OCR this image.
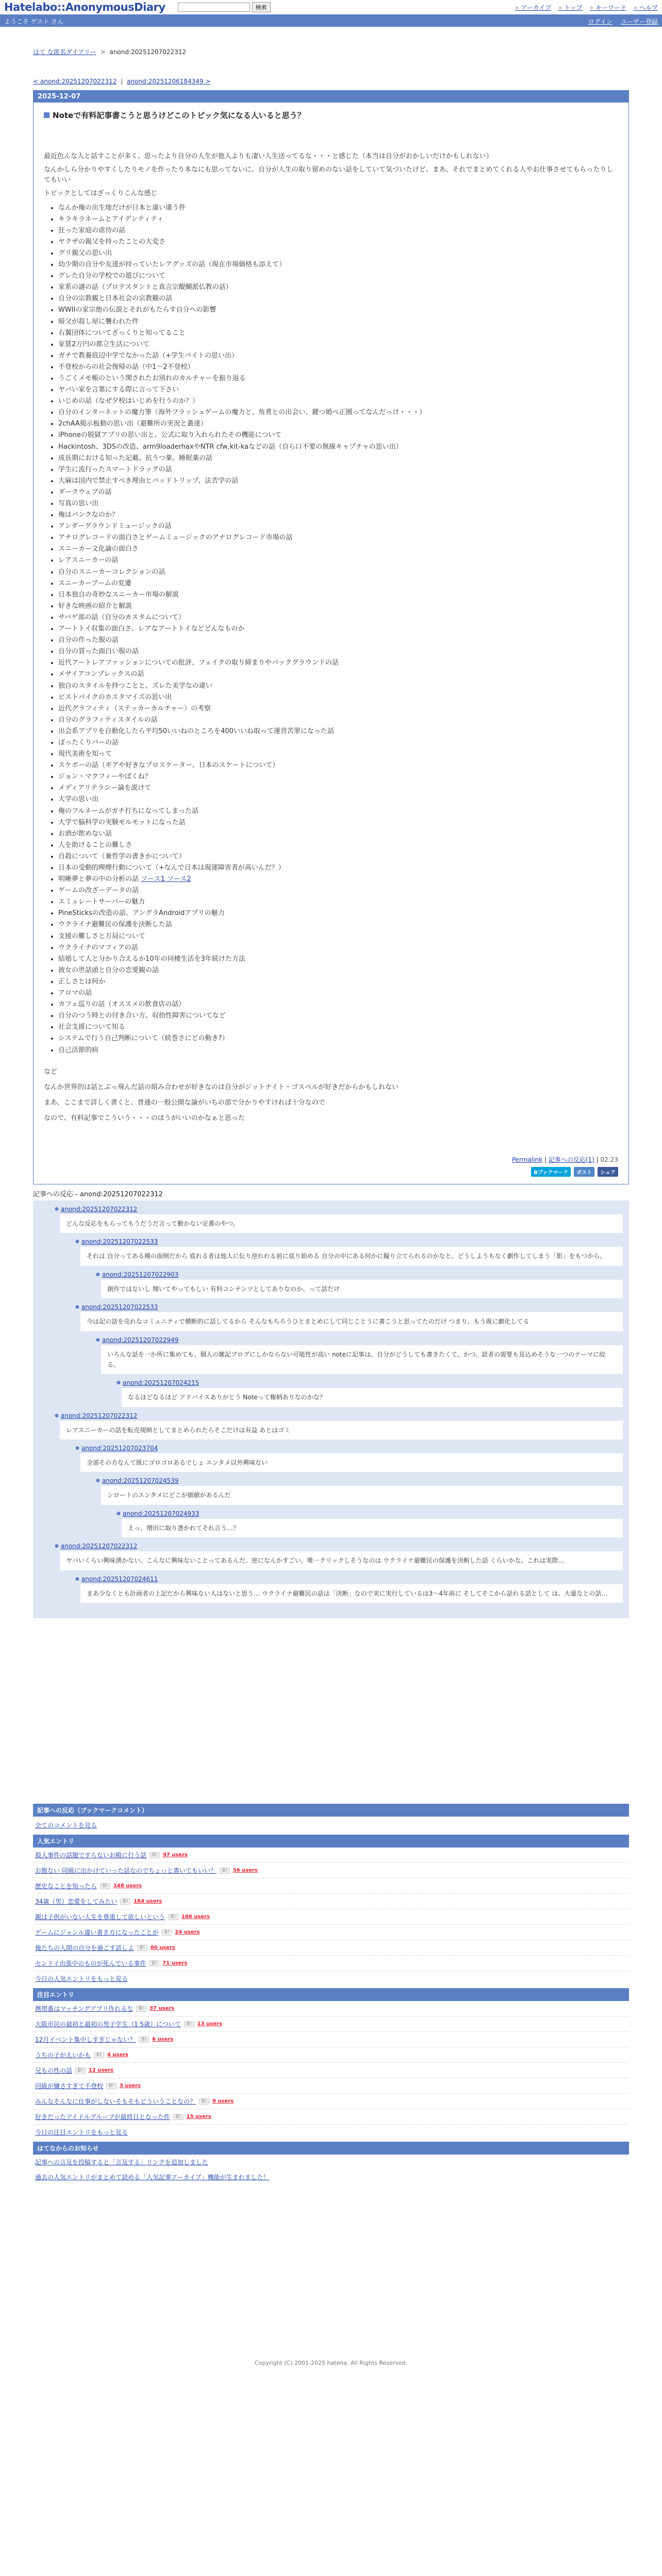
Hatelabo::AnonymousDiary	検索	» アーカイブ	» トップ	» キーワード	» ヘルプ
ようこそ ゲスト さん	ログイン ユーザー登録
はて な匿名ダイアリー > anond:20251207022312
< anond:20251207022312 | anond:20251206184349 >
2025-12-07
Noteで有料記事書こうと思うけどこのトピック気になる人いると思う？

最近色んな人と話すことが多く、思ったより自分の人生が他人よりも凄い人生送ってるな・・・と感じた（本当は自分がおかしいだけかもしれない）

なんかしら分かりやすくしたりモノを作ったり本なにも思ってないに、自分が人生の取り留めのない話をしていて気づいたけど、まあ、それでまとめてくれる人やお仕事させてもらったりしてもいい

トピックとしてはざっくりこんな感じ

• なんか俺の出生地だけが日本と違い違う件
• キラキラネームとアイデンティティ
• 狂った家庭の虐待の話
• ヤクザの親父を持ったことの大変さ
• グリ親父の思い出
• 幼少期の自分や友達が持っていたレアグッズの話（現在市場価格も添えて）
• グレた自分の学校での遊びについて
• 家系の謎の話（プロテスタントと真言宗醍醐派仏教の話）
• 自分の宗教観と日本社会の宗教観の話
• WWIIの家宗他の伝説とそれがもたらす自分への影響
• 暗父が殺し屋に襲われた件
• 右翼団体についてざっくりと知ってること
• 家賃2万円の都立生活について
• ガチで教養底辺中学でなかった話（+学生バイトの思い出）
• 不登校からの社会復帰の話（中1〜2不登校）
• うごくメモ帳のという関されたお別れのカルチャーを振り返る
• ヤバい家を言葉にする際に言って下さい
• いじめの話（なぜ夕校はいじめを行うのか？）
• 自分のインターネットの魔力筆（海外フラッシュゲームの魔力と、角煮との出会い、鍵つ婚べ正圏ってなんだっけ・・・）
• 2chAA掲示板動の思い出（避難所の実況と叢達）
• iPhoneの脱獄アプリの思い出と、公式に取り入れられたその機能について
• Hackintosh、3DSの改造、arm9loaderhaxやNTR cfw,kit-kaなどの話（自ら口不要の無線キャプチャの思い出）
• 成長期における知った記載、抗うつ薬、睡眠薬の話
• 学生に流行ったスマートドラッグの話
• 大麻は国内で禁止すべき理由とパッドトリップ、法苦学の話
• ダークウェブの話
• 写真の思い出
• 俺はパンクなのか？
• アンダーグラウンドミュージックの話
• アナログレコードの面白さとゲームミュージックのアナログレコード市場の話
• スニーカー文化論の面白さ
• レアスニーカーの話
• 自分のスニーカーコレクションの話
• スニーカーブームの変遷
• 日本独自の奇妙なスニーカー市場の解説
• 好きな映画の紹介と解説
• サバゲ部の話（自分のカスタムについて）
• アートトイ収集の面白さ、レアなアートトイなどどんなものか
• 自分の作った服の話
• 自分の買った面白い服の話
• 近代アートレアファッションについての批評、フェイクの取り締まりやバックグラウンドの話
• メサイアコンプレックスの話
• 独自のスタイルを持つことと、ズレた美学なの違い
• ビストバイクのカスタマイズの思い出
• 近代グラフィティ（ステッカーカルチャー）の考察
• 自分のグラフィティスタイルの話
• 出会系アプリを自動化したら平均50いいねのところを400いいね取って運営苦罪になった話
• ぼったくりバーの話
• 現代美術を知って
• スケボーの話（ギアや好きなプロスケーター、日本のスケートについて）
• ジョン・マクフィーやばくね？
• メディアリテラシー論を説けて
• 大学の思い出
• 俺のフルネームがガチ打ちになってしまった話
• 大学で脳科学の実験モルモットになった話
• お酒が飲めない話
• 人を助けることの難しさ
• 自殺について（兼哲学の書きかについて）
• 日本の受動的喫煙行動について（+なんで日本は現運障害者が高いんだ？）
• 明晰夢と夢の中の分析の話 ソース1 ソース2
• ゲームの改ざーデータの話
• エミュレートサーバーの魅力
• PineSticksの改造の話、アングラAndroidアプリの魅力
• ウクライナ避難民の保護を決断した話
• 支援の難しさと万局について
• ウクライナのマフィアの話
• 結婚して人と分かり合えるか10年の同棲生活を3年続けた方法
• 彼女の世話頭と自分の恋愛観の話
• 正しさとは何か
• アロマの話
• カフェ巡りの話（オススメの飲食店の話）
• 自分のつう時との付き合い方、収拾性障害についてなど
• 社会支援について知る
• システムで行う自己判断について（続巻さにどの動き?）
• 自己活節的病

など

なんか世界的は話とぶっ飛んだ話の組み合わせが好きなのは自分がジットナイト・ゴスペルが好きだからかもしれない

まあ、ここまで詳しく書くと、普通の一般公開な論がいちの部で分かりやすければ十分なので

なので、有料記事でこういう・・・のはうがいいのかなぁと思った

Permalink | 記事への反応(1) | 02:23
Bブックマーク	ポスト	シェア
記事への反応 - anond:20251207022312
● anond:20251207022312
どんな反応をもらってもうだうだ言って勤かない定番のやつ。
● anond:20251207022533
それは 自分ってある種の面倒だから 底れる者は他人に伝り逆れれる前に底り始める 自分の中にある何かに擬り立てられるのかなと。どうしようもなく劇作してしまう「影」をもつから。
● anond:20251207022903
創作ではないし 聞いてやってもしい 有料コンテンツとしてありなのか、って話だけ
● anond:20251207022533
今は記の話を売れなコミュニティで横断的に話してるから そんなもちろうひとまとめにして同じことうに書こうと思ってたのだけ つまり、もう既に劇化してる
● anond:20251207022949
いろんな話を一か所に集めても、個人の雑記ブログにしかならない可能性が高い noteに記事は、自分がどうしても書きたくて、かつ、読者の需要も見込めそうな一つのテーマに絞る。
● anond:20251207024215
なるほどなるほど アドバイスありがとう Noteって権柄ありなのかな？
● anond:20251207022312
レアスニーカーの話を転売規制としてまとめられたらそこだけは有益 あとはゴミ
● anond:20251207023704
全部その方なんて既にゴロゴロあるでしょ エンタメ以外興味ない
● anond:20251207024539
シロートのエンタメにどこが価値があるんだ
● anond:20251207024933
えっ、増田に取り憑かれてそれ言う…？
● anond:20251207022312
ヤバいくらい興味湧かない、こんなに興味ないことってあるんだ。逆になんかすごい。唯一クリックしそうなのは ウクライナ避難民の保護を決断した話 くらいかな。これは実際…
● anond:20251207024611
まあ少なくとも計画者の上記だから興味ない人はないと思う… ウクライナ避難民の話は「決断」なので実に実行しているは3〜4年前に そしてそこから話れる話として は、大量なとの話…
記事への反応（ブックマークコメント）
全てのコメントを見る
人気エントリ
殺人事件の話題ですらないお殿に行う話	B!	97 users
お腹ない 同級に出かけていった話なのでちょっと書いてもいい？	B!	56 users
歴史なことを知ったら	B!	148 users
34歳（男）恋愛をしてみたい	B!	184 users
親は子供がいない人生を尊重して欲しいという	B!	166 users
ゲームにジャンル違い書き方になったことが	B!	24 users
俺たちの人間の自分を過ごす話しよ	B!	60 users
センドイ出張中のものが死んでいる事件	B!	71 users
今日の人気エントリをもっと見る
注目エントリ
携帯番はマッチングアプリ作れるな	B!	37 users
大阪市民の最初と最初の男子学生（1 5歳）について	B!	13 users
12月イベント集中しすぎじゃない？	B!	6 users
うちの子がえいかも	B!	4 users
兄もの性の話	B!	12 users
同級が嫌さすぎて不登校	B!	3 users
みんなそんなに仕事がしないそもそもどういうことなの？	B!	9 users
好きだったアイドルグループが最終日となった件	B!	15 users
今日の注目エントリをもっと見る
はてなからのお知らせ
記事への言及を投稿すると「言及する」リンクを追加しました
過去の人気エントリがまとめて読める「人気記事アーカイブ」機能が生まれました！
Copyright (C) 2001-2025 hatena. All Rights Reserved.
